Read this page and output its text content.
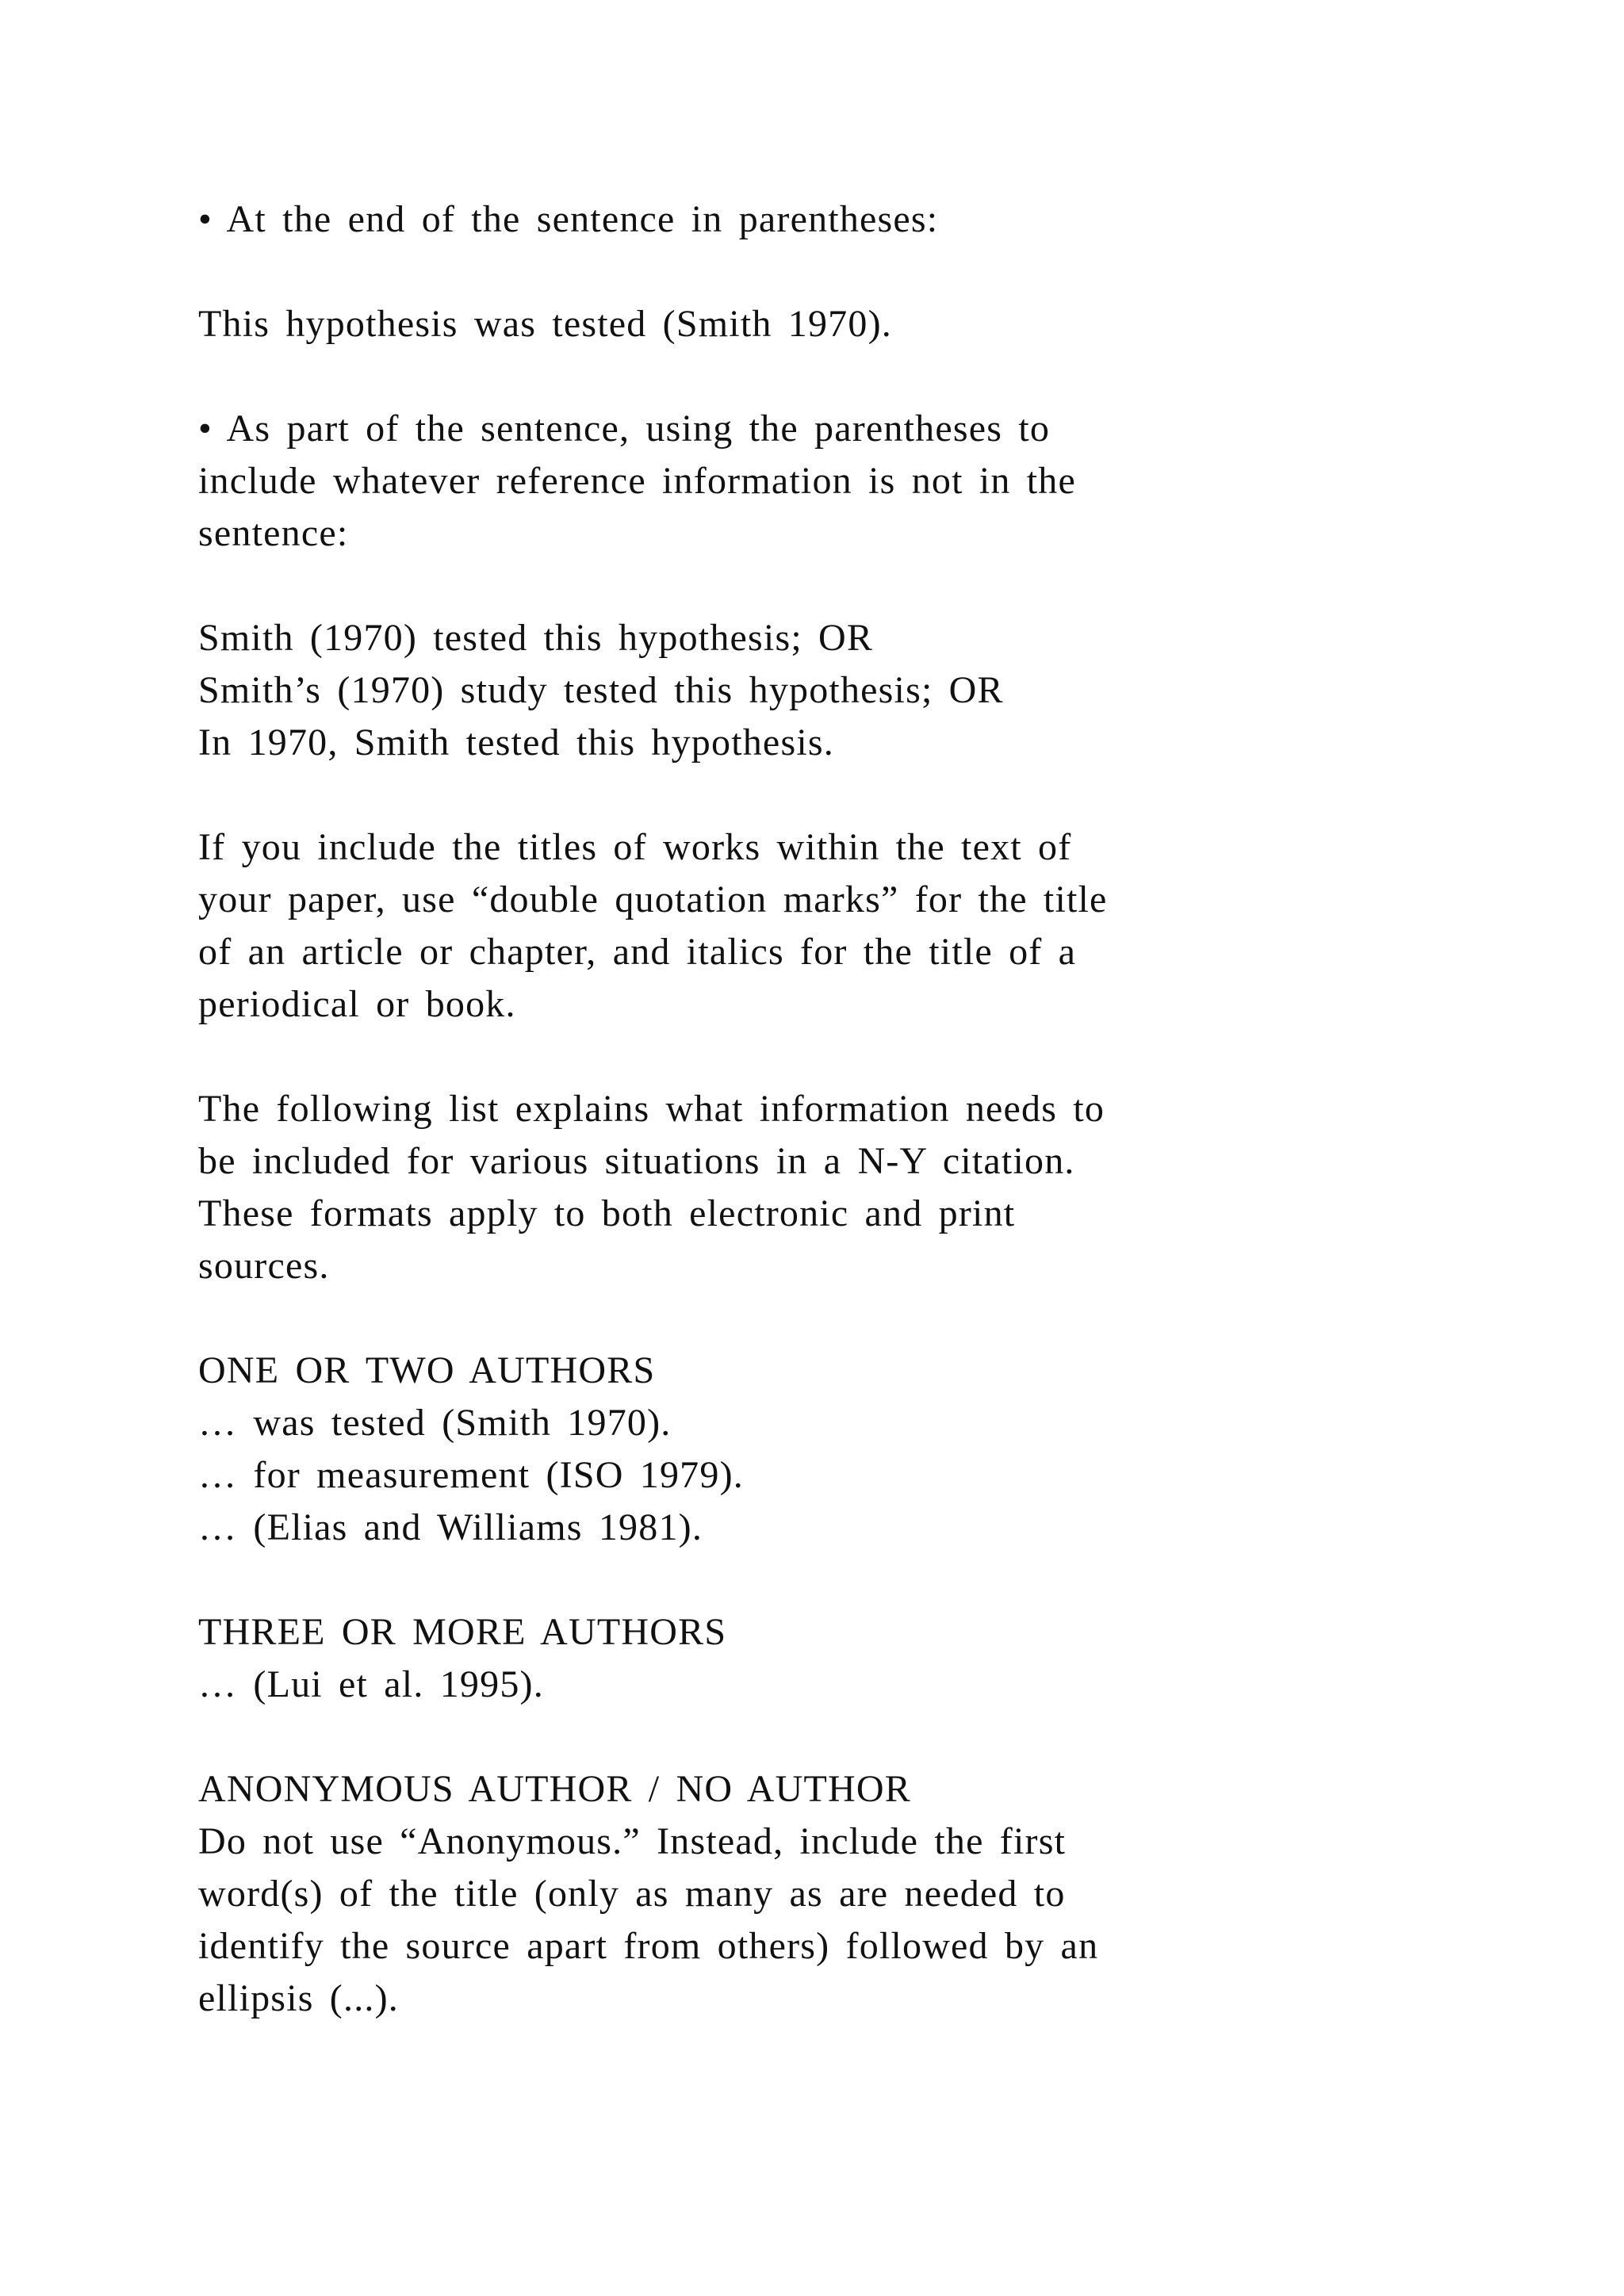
• At the end of the sentence in parentheses:
This hypothesis was tested (Smith 1970).
• As part of the sentence, using the parentheses to
include whatever reference information is not in the
sentence:
Smith (1970) tested this hypothesis; OR
Smith’s (1970) study tested this hypothesis; OR
In 1970, Smith tested this hypothesis.
If you include the titles of works within the text of
your paper, use “double quotation marks” for the title
of an article or chapter, and italics for the title of a
periodical or book.
The following list explains what information needs to
be included for various situations in a N-Y citation.
These formats apply to both electronic and print
sources.
ONE OR TWO AUTHORS
… was tested (Smith 1970).
… for measurement (ISO 1979).
… (Elias and Williams 1981).
THREE OR MORE AUTHORS
… (Lui et al. 1995).
ANONYMOUS AUTHOR / NO AUTHOR
Do not use “Anonymous.” Instead, include the first
word(s) of the title (only as many as are needed to
identify the source apart from others) followed by an
ellipsis (...).
